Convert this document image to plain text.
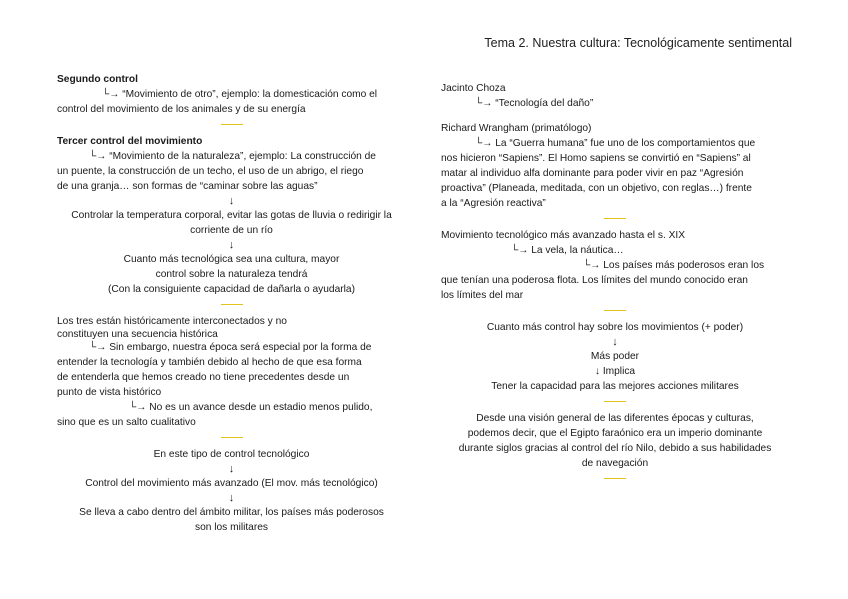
Tema 2. Nuestra cultura: Tecnológicamente sentimental
Segundo control
└→ “Movimiento de otro”, ejemplo: la domesticación como el
control del movimiento de los animales y de su energía
Tercer control del movimiento
└→ “Movimiento de la naturaleza”, ejemplo: La construcción de
un puente, la construcción de un techo, el uso de un abrigo, el riego
de una granja… son formas de “caminar sobre las aguas”
↓
Controlar la temperatura corporal, evitar las gotas de lluvia o redirigir la
corriente de un río
↓
Cuanto más tecnológica sea una cultura, mayor
control sobre la naturaleza tendrá
(Con la consiguiente capacidad de dañarla o ayudarla)
Los tres están históricamente interconectados y no
constituyen una secuencia histórica
└→ Sin embargo, nuestra época será especial por la forma de
entender la tecnología y también debido al hecho de que esa forma
de entenderla que hemos creado no tiene precedentes desde un
punto de vista histórico
└→ No es un avance desde un estadio menos pulido,
sino que es un salto cualitativo
En este tipo de control tecnológico
↓
Control del movimiento más avanzado (El mov. más tecnológico)
↓
Se lleva a cabo dentro del ámbito militar, los países más poderosos
son los militares
Jacinto Choza
└→ “Tecnología del daño”
Richard Wrangham (primatólogo)
└→ La “Guerra humana” fue uno de los comportamientos que
nos hicieron “Sapiens”. El Homo sapiens se convirtió en “Sapiens” al
matar al individuo alfa dominante para poder vivir en paz “Agresión
proactiva” (Planeada, meditada, con un objetivo, con reglas…) frente
a la “Agresión reactiva”
Movimiento tecnológico más avanzado hasta el s. XIX
└→ La vela, la náutica…
└→ Los países más poderosos eran los
que tenían una poderosa flota. Los límites del mundo conocido eran
los límites del mar
Cuanto más control hay sobre los movimientos (+ poder)
↓
Más poder
↓ Implica
Tener la capacidad para las mejores acciones militares
Desde una visión general de las diferentes épocas y culturas,
podemos decir, que el Egipto faraónico era un imperio dominante
durante siglos gracias al control del río Nilo, debido a sus habilidades
de navegación
